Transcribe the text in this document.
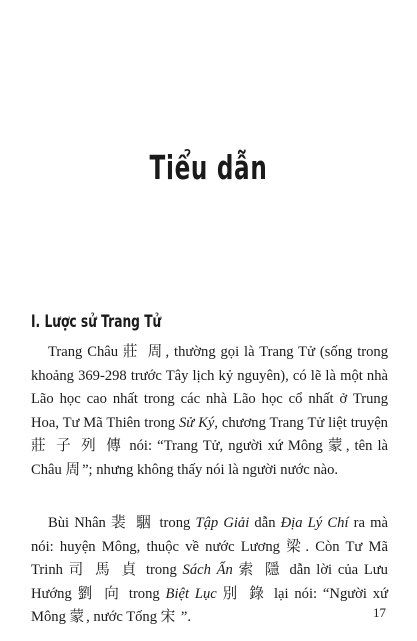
Tiểu dẫn
I. Lược sử Trang Tử

Trang Châu 莊 周, thường gọi là Trang Tử (sống trong khoảng 369-298 trước Tây lịch kỷ nguyên), có lẽ là một nhà Lão học cao nhất trong các nhà Lão học cổ nhất ở Trung Hoa, Tư Mã Thiên trong Sử Ký, chương Trang Tử liệt truyện 莊 子 列 傳 nói: “Trang Tử, người xứ Mông 蒙, tên là Châu 周”; nhưng không thấy nói là người nước nào.

Bùi Nhân 裴 駰 trong Tập Giải dẫn Địa Lý Chí ra mà nói: huyện Mông, thuộc về nước Lương 梁. Còn Tư Mã Trinh 司 馬 貞 trong Sách Ẩn 索 隱 dẫn lời của Lưu Hướng 劉 向 trong Biệt Lục 別 錄 lại nói: “Người xứ Mông 蒙, nước Tống 宋 ”.	17
